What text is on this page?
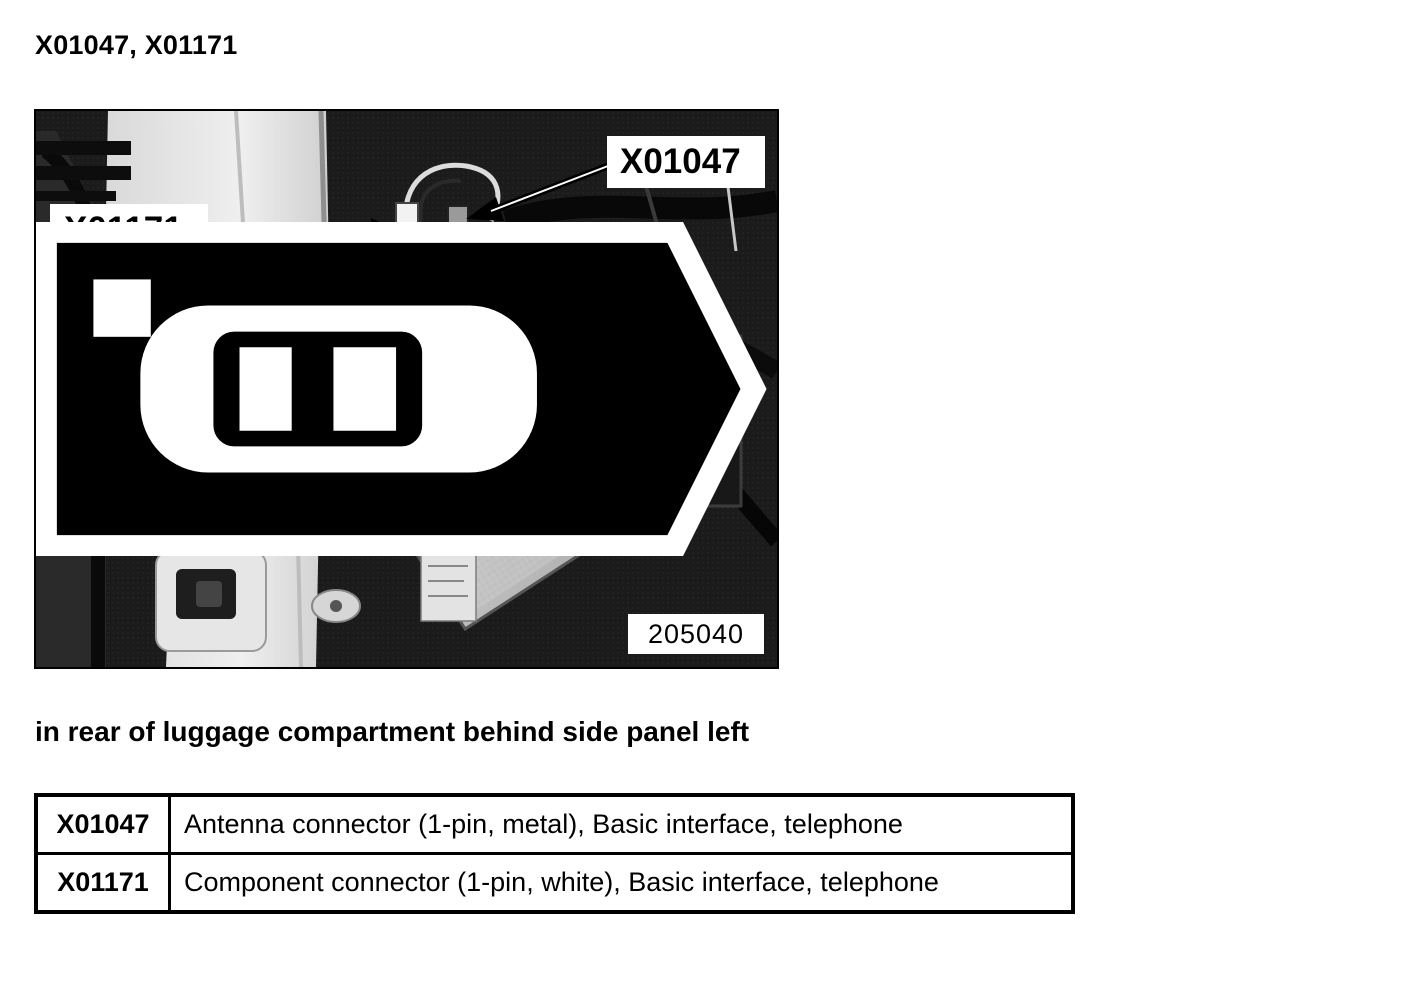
X01047, X01171
X01047
205040
in rear of luggage compartment behind side panel left
X01047	Antenna connector (1-pin, metal), Basic interface, telephone
X01171	Component connector (1-pin, white), Basic interface, telephone
